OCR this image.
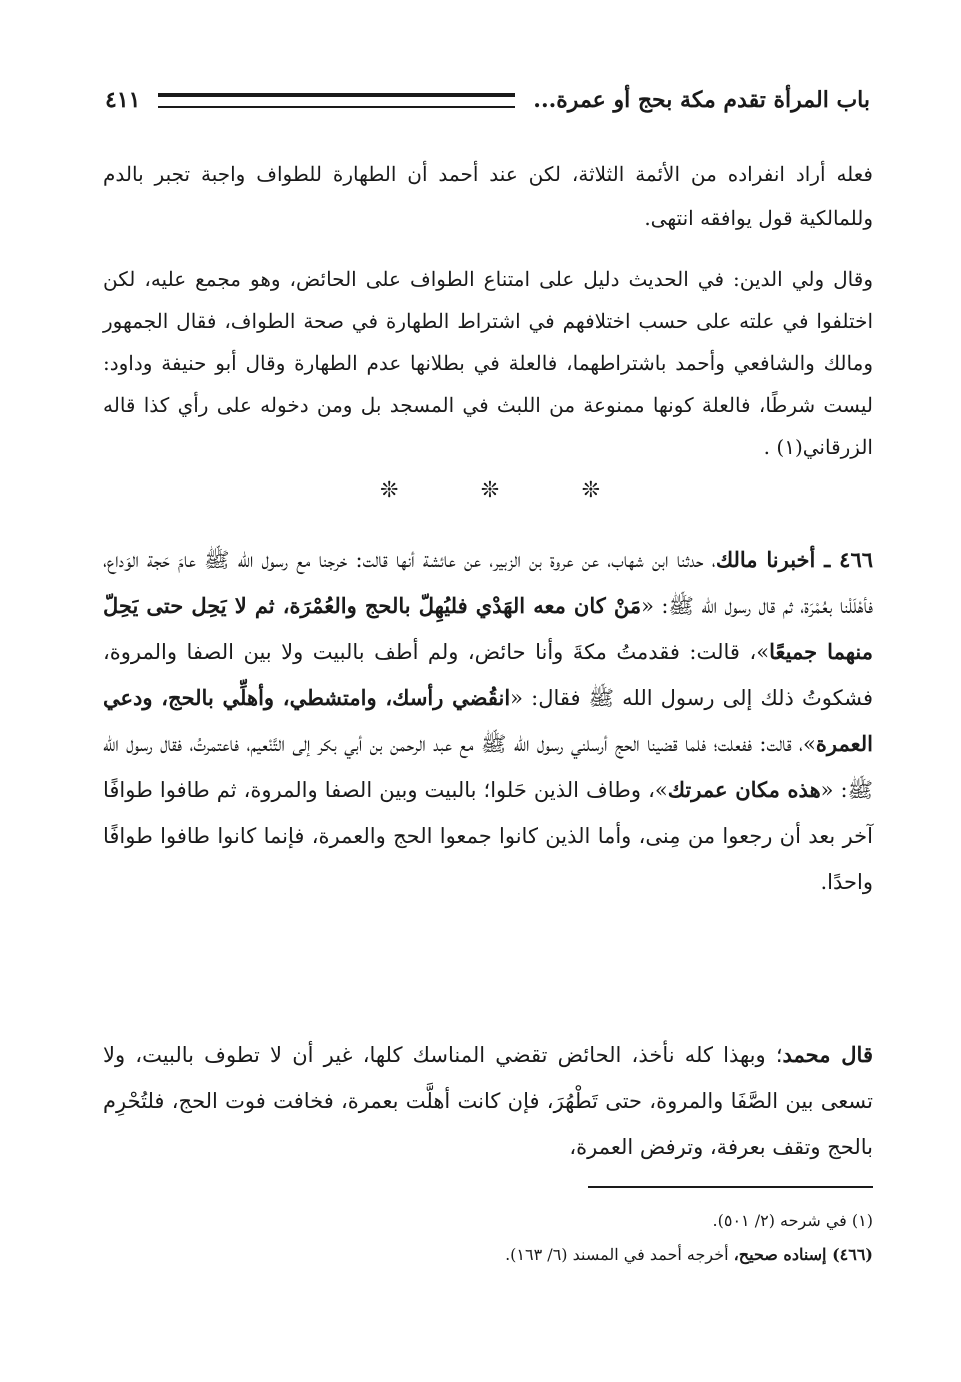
باب المرأة تقدم مكة بحج أو عمرة...
٤١١
فعله أراد انفراده من الأئمة الثلاثة، لكن عند أحمد أن الطهارة للطواف واجبة تجبر بالدم وللمالكية قول يوافقه انتهى.
وقال ولي الدين: في الحديث دليل على امتناع الطواف على الحائض، وهو مجمع عليه، لكن اختلفوا في علته على حسب اختلافهم في اشتراط الطهارة في صحة الطواف، فقال الجمهور ومالك والشافعي وأحمد باشتراطهما، فالعلة في بطلانها عدم الطهارة وقال أبو حنيفة وداود: ليست شرطًا، فالعلة كونها ممنوعة من اللبث في المسجد بل ومن دخوله على رأي كذا قاله الزرقاني(١) .
❊	❊	❊
٤٦٦ ـ أخبرنا مالك، حدثنا ابن شهاب، عن عروة بن الزبير، عن عائشة أنها قالت: خرجنا مع رسول الله ﷺ عامَ حَجة الوَداع، فأهْلَلْنا بعُمْرَة، ثم قال رسول الله ﷺ: «مَنْ كان معه الهَدْي فليُهِلّ بالحج والعُمْرَة، ثم لا يَحِل حتى يَحِلّ منهما جميعًا»، قالت: فقدمتُ مكةَ وأنا حائض، ولم أطف بالبيت ولا بين الصفا والمروة، فشكوتُ ذلك إلى رسول الله ﷺ فقال: «انقُضي رأسك، وامتشطي، وأهلِّي بالحج، ودعي العمرة»، قالت: ففعلت؛ فلما قضينا الحج أرسلني رسول الله ﷺ مع عبد الرحمن بن أبي بكر إلى التَّنْعيم، فاعتمرتُ، فقال رسول الله ﷺ: «هذه مكان عمرتك»، وطاف الذين حَلوا؛ بالبيت وبين الصفا والمروة، ثم طافوا طوافًا آخر بعد أن رجعوا من مِنى، وأما الذين كانوا جمعوا الحج والعمرة، فإنما كانوا طافوا طوافًا واحدًا.
قال محمد؛ وبهذا كله نأخذ، الحائض تقضي المناسك كلها، غير أن لا تطوف بالبيت، ولا تسعى بين الصَّفَا والمروة، حتى تَطْهُرَ، فإن كانت أهلَّت بعمرة، فخافت فوت الحج، فلتُحْرِم بالحج وتقف بعرفة، وترفض العمرة،
(١) في شرحه (٢/ ٥٠١).
(٤٦٦) إسناده صحيح، أخرجه أحمد في المسند (٦/ ١٦٣).
